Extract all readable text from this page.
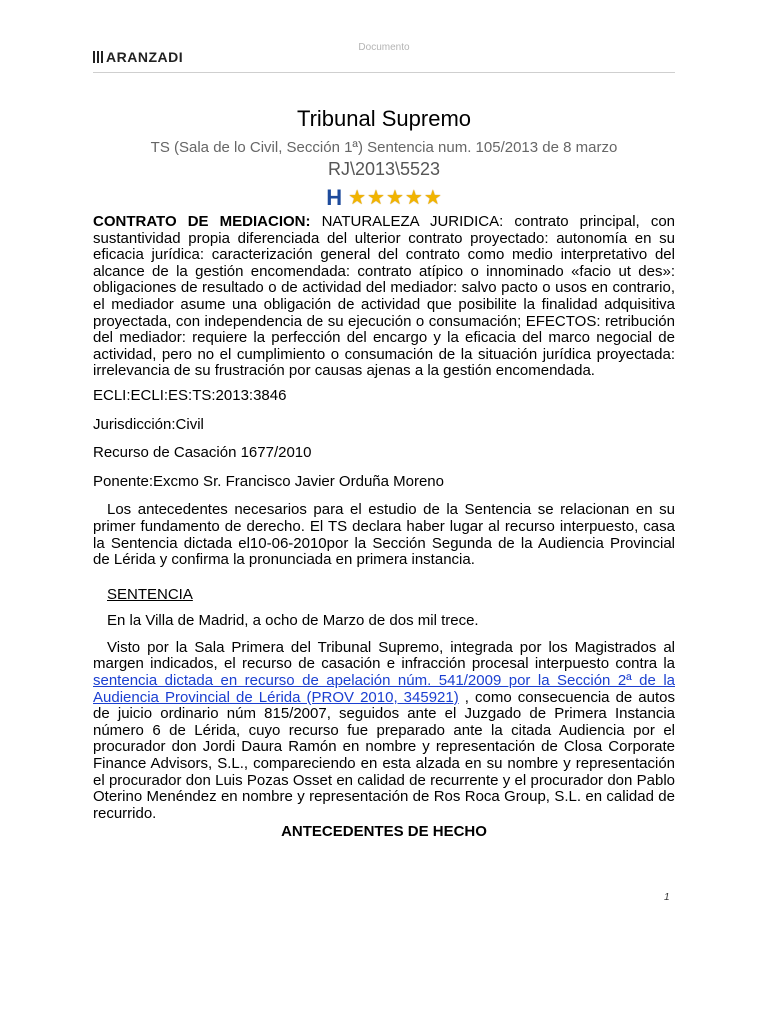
Documento
ARANZADI
Tribunal Supremo
TS (Sala de lo Civil, Sección 1ª) Sentencia num. 105/2013 de 8 marzo
RJ\2013\5523
H ★ ★ ★ ★ ★

CONTRATO DE MEDIACION: NATURALEZA JURIDICA: contrato principal, con sustantividad propia diferenciada del ulterior contrato proyectado: autonomía en su eficacia jurídica: caracterización general del contrato como medio interpretativo del alcance de la gestión encomendada: contrato atípico o innominado «facio ut des»: obligaciones de resultado o de actividad del mediador: salvo pacto o usos en contrario, el mediador asume una obligación de actividad que posibilite la finalidad adquisitiva proyectada, con independencia de su ejecución o consumación; EFECTOS: retribución del mediador: requiere la perfección del encargo y la eficacia del marco negocial de actividad, pero no el cumplimiento o consumación de la situación jurídica proyectada: irrelevancia de su frustración por causas ajenas a la gestión encomendada.

ECLI:ECLI:ES:TS:2013:3846

Jurisdicción:Civil

Recurso de Casación 1677/2010

Ponente:Excmo Sr. Francisco Javier Orduña Moreno

Los antecedentes necesarios para el estudio de la Sentencia se relacionan en su primer fundamento de derecho. El TS declara haber lugar al recurso interpuesto, casa la Sentencia dictada el10-06-2010por la Sección Segunda de la Audiencia Provincial de Lérida y confirma la pronunciada en primera instancia.

SENTENCIA

En la Villa de Madrid, a ocho de Marzo de dos mil trece.

Visto por la Sala Primera del Tribunal Supremo, integrada por los Magistrados al margen indicados, el recurso de casación e infracción procesal interpuesto contra la sentencia dictada en recurso de apelación núm. 541/2009 por la Sección 2ª de la Audiencia Provincial de Lérida (PROV 2010, 345921) , como consecuencia de autos de juicio ordinario núm 815/2007, seguidos ante el Juzgado de Primera Instancia número 6 de Lérida, cuyo recurso fue preparado ante la citada Audiencia por el procurador don Jordi Daura Ramón en nombre y representación de Closa Corporate Finance Advisors, S.L., compareciendo en esta alzada en su nombre y representación el procurador don Luis Pozas Osset en calidad de recurrente y el procurador don Pablo Oterino Menéndez en nombre y representación de Ros Roca Group, S.L. en calidad de recurrido.

ANTECEDENTES DE HECHO

1
